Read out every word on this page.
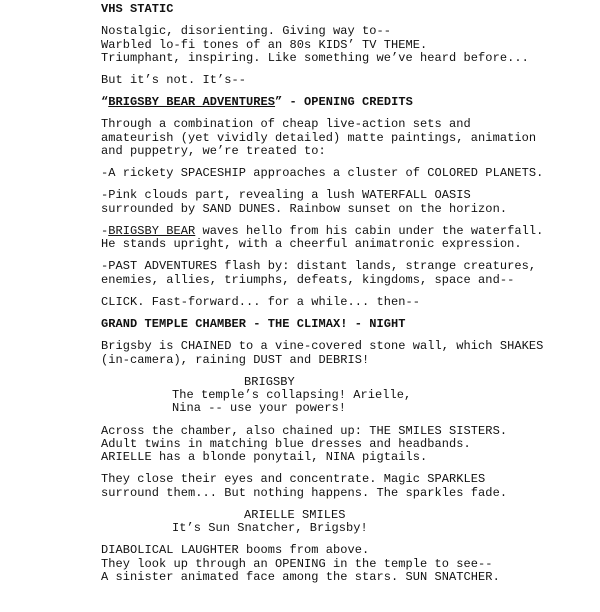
VHS STATIC
Nostalgic, disorienting. Giving way to--
Warbled lo-fi tones of an 80s KIDS’ TV THEME.
Triumphant, inspiring. Like something we’ve heard before...
But it’s not. It’s--
“BRIGSBY BEAR ADVENTURES” - OPENING CREDITS
Through a combination of cheap live-action sets and
amateurish (yet vividly detailed) matte paintings, animation
and puppetry, we’re treated to:
-A rickety SPACESHIP approaches a cluster of COLORED PLANETS.
-Pink clouds part, revealing a lush WATERFALL OASIS
surrounded by SAND DUNES. Rainbow sunset on the horizon.
-BRIGSBY BEAR waves hello from his cabin under the waterfall.
He stands upright, with a cheerful animatronic expression.
-PAST ADVENTURES flash by: distant lands, strange creatures,
enemies, allies, triumphs, defeats, kingdoms, space and--
CLICK. Fast-forward... for a while... then--
GRAND TEMPLE CHAMBER - THE CLIMAX! - NIGHT
Brigsby is CHAINED to a vine-covered stone wall, which SHAKES
(in-camera), raining DUST and DEBRIS!
BRIGSBY
The temple’s collapsing! Arielle,
Nina -- use your powers!
Across the chamber, also chained up: THE SMILES SISTERS.
Adult twins in matching blue dresses and headbands.
ARIELLE has a blonde ponytail, NINA pigtails.
They close their eyes and concentrate. Magic SPARKLES
surround them... But nothing happens. The sparkles fade.
ARIELLE SMILES
It’s Sun Snatcher, Brigsby!
DIABOLICAL LAUGHTER booms from above.
They look up through an OPENING in the temple to see--
A sinister animated face among the stars. SUN SNATCHER.
